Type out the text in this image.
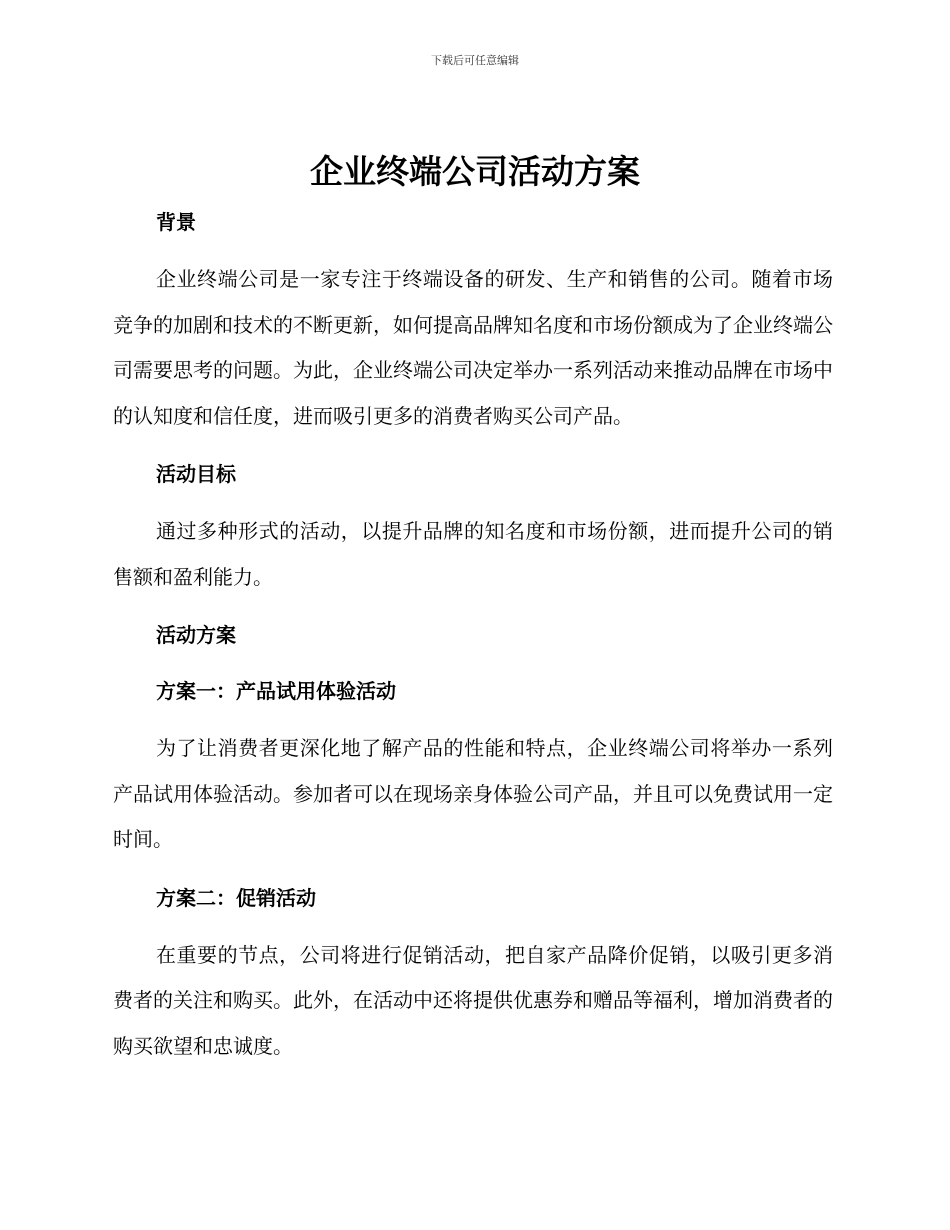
下载后可任意编辑
企业终端公司活动方案
背景

企业终端公司是一家专注于终端设备的研发、生产和销售的公司。随着市场竞争的加剧和技术的不断更新，如何提高品牌知名度和市场份额成为了企业终端公司需要思考的问题。为此，企业终端公司决定举办一系列活动来推动品牌在市场中的认知度和信任度，进而吸引更多的消费者购买公司产品。

活动目标

通过多种形式的活动，以提升品牌的知名度和市场份额，进而提升公司的销售额和盈利能力。

活动方案
方案一：产品试用体验活动

为了让消费者更深化地了解产品的性能和特点，企业终端公司将举办一系列产品试用体验活动。参加者可以在现场亲身体验公司产品，并且可以免费试用一定时间。

方案二：促销活动

在重要的节点，公司将进行促销活动，把自家产品降价促销，以吸引更多消费者的关注和购买。此外，在活动中还将提供优惠券和赠品等福利，增加消费者的购买欲望和忠诚度。
